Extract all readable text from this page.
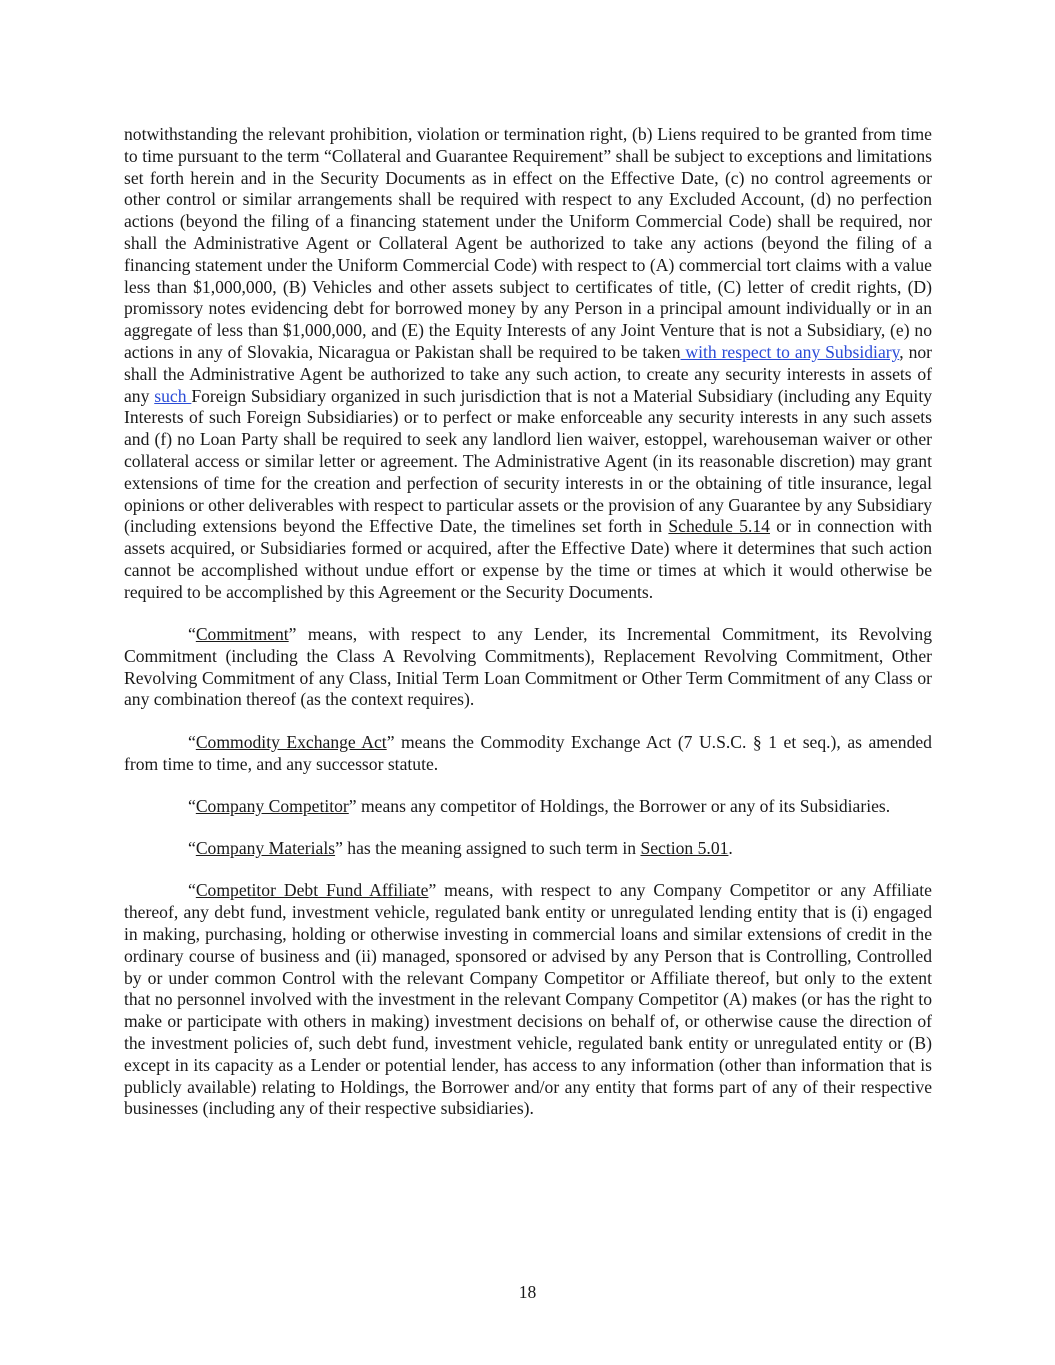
notwithstanding the relevant prohibition, violation or termination right, (b) Liens required to be granted from time to time pursuant to the term “Collateral and Guarantee Requirement” shall be subject to exceptions and limitations set forth herein and in the Security Documents as in effect on the Effective Date, (c) no control agreements or other control or similar arrangements shall be required with respect to any Excluded Account, (d) no perfection actions (beyond the filing of a financing statement under the Uniform Commercial Code) shall be required, nor shall the Administrative Agent or Collateral Agent be authorized to take any actions (beyond the filing of a financing statement under the Uniform Commercial Code) with respect to (A) commercial tort claims with a value less than $1,000,000, (B) Vehicles and other assets subject to certificates of title, (C) letter of credit rights, (D) promissory notes evidencing debt for borrowed money by any Person in a principal amount individually or in an aggregate of less than $1,000,000, and (E) the Equity Interests of any Joint Venture that is not a Subsidiary, (e) no actions in any of Slovakia, Nicaragua or Pakistan shall be required to be taken with respect to any Subsidiary, nor shall the Administrative Agent be authorized to take any such action, to create any security interests in assets of any such Foreign Subsidiary organized in such jurisdiction that is not a Material Subsidiary (including any Equity Interests of such Foreign Subsidiaries) or to perfect or make enforceable any security interests in any such assets and (f) no Loan Party shall be required to seek any landlord lien waiver, estoppel, warehouseman waiver or other collateral access or similar letter or agreement. The Administrative Agent (in its reasonable discretion) may grant extensions of time for the creation and perfection of security interests in or the obtaining of title insurance, legal opinions or other deliverables with respect to particular assets or the provision of any Guarantee by any Subsidiary (including extensions beyond the Effective Date, the timelines set forth in Schedule 5.14 or in connection with assets acquired, or Subsidiaries formed or acquired, after the Effective Date) where it determines that such action cannot be accomplished without undue effort or expense by the time or times at which it would otherwise be required to be accomplished by this Agreement or the Security Documents.

“Commitment” means, with respect to any Lender, its Incremental Commitment, its Revolving Commitment (including the Class A Revolving Commitments), Replacement Revolving Commitment, Other Revolving Commitment of any Class, Initial Term Loan Commitment or Other Term Commitment of any Class or any combination thereof (as the context requires).

“Commodity Exchange Act” means the Commodity Exchange Act (7 U.S.C. § 1 et seq.), as amended from time to time, and any successor statute.

“Company Competitor” means any competitor of Holdings, the Borrower or any of its Subsidiaries.

“Company Materials” has the meaning assigned to such term in Section 5.01.

“Competitor Debt Fund Affiliate” means, with respect to any Company Competitor or any Affiliate thereof, any debt fund, investment vehicle, regulated bank entity or unregulated lending entity that is (i) engaged in making, purchasing, holding or otherwise investing in commercial loans and similar extensions of credit in the ordinary course of business and (ii) managed, sponsored or advised by any Person that is Controlling, Controlled by or under common Control with the relevant Company Competitor or Affiliate thereof, but only to the extent that no personnel involved with the investment in the relevant Company Competitor (A) makes (or has the right to make or participate with others in making) investment decisions on behalf of, or otherwise cause the direction of the investment policies of, such debt fund, investment vehicle, regulated bank entity or unregulated entity or (B) except in its capacity as a Lender or potential lender, has access to any information (other than information that is publicly available) relating to Holdings, the Borrower and/or any entity that forms part of any of their respective businesses (including any of their respective subsidiaries).

18
